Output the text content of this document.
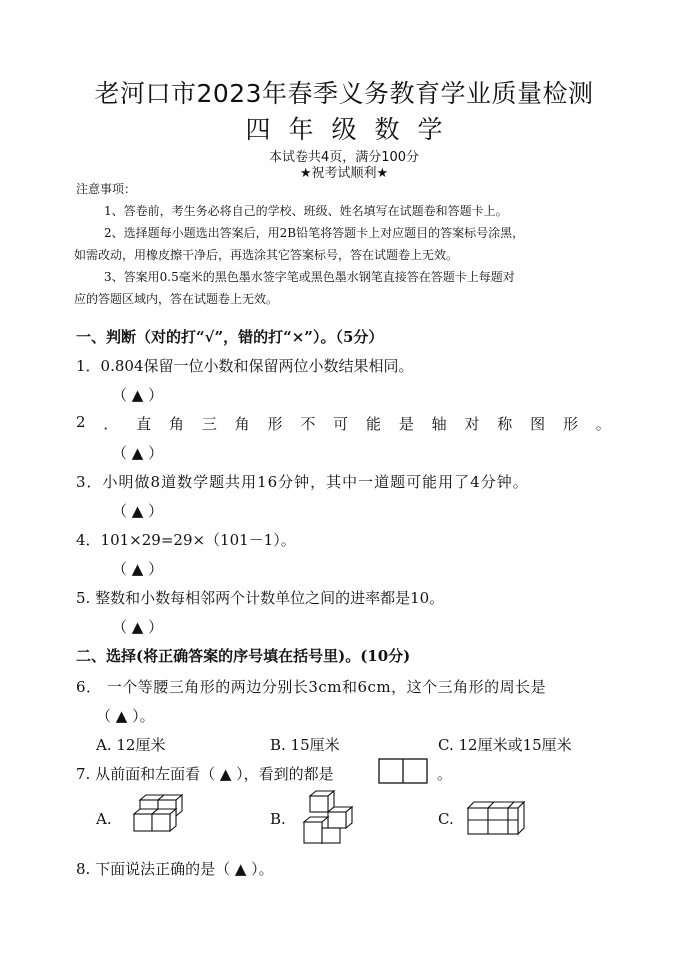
老河口市2023年春季义务教育学业质量检测
四年级数学
本试卷共4页，满分100分
★祝考试顺利★
注意事项：
1、答卷前，考生务必将自己的学校、班级、姓名填写在试题卷和答题卡上。
2、选择题每小题选出答案后，用2B铅笔将答题卡上对应题目的答案标号涂黑，
如需改动，用橡皮擦干净后，再选涂其它答案标号，答在试题卷上无效。
3、答案用0.5毫米的黑色墨水签字笔或黑色墨水钢笔直接答在答题卡上每题对
应的答题区域内，答在试题卷上无效。
一、判断（对的打“√”，错的打“×”）。（5分）
1．0.804保留一位小数和保留两位小数结果相同。
（ ▲ ）
2 ． 直 角 三 角 形 不 可 能 是 轴 对 称 图 形 。
（ ▲ ）
3．小明做8道数学题共用16分钟，其中一道题可能用了4分钟。
（ ▲ ）
4．101×29=29×（101－1）。
（ ▲ ）
5. 整数和小数每相邻两个计数单位之间的进率都是10。
（ ▲ ）
二、选择(将正确答案的序号填在括号里)。(10分)
6． 一个等腰三角形的两边分别长3cm和6cm，这个三角形的周长是
（ ▲ ）。
A. 12厘米	B. 15厘米	C. 12厘米或15厘米
7. 从前面和左面看（ ▲ ），看到的都是	。
A.	B.	C.
8. 下面说法正确的是（ ▲ ）。
